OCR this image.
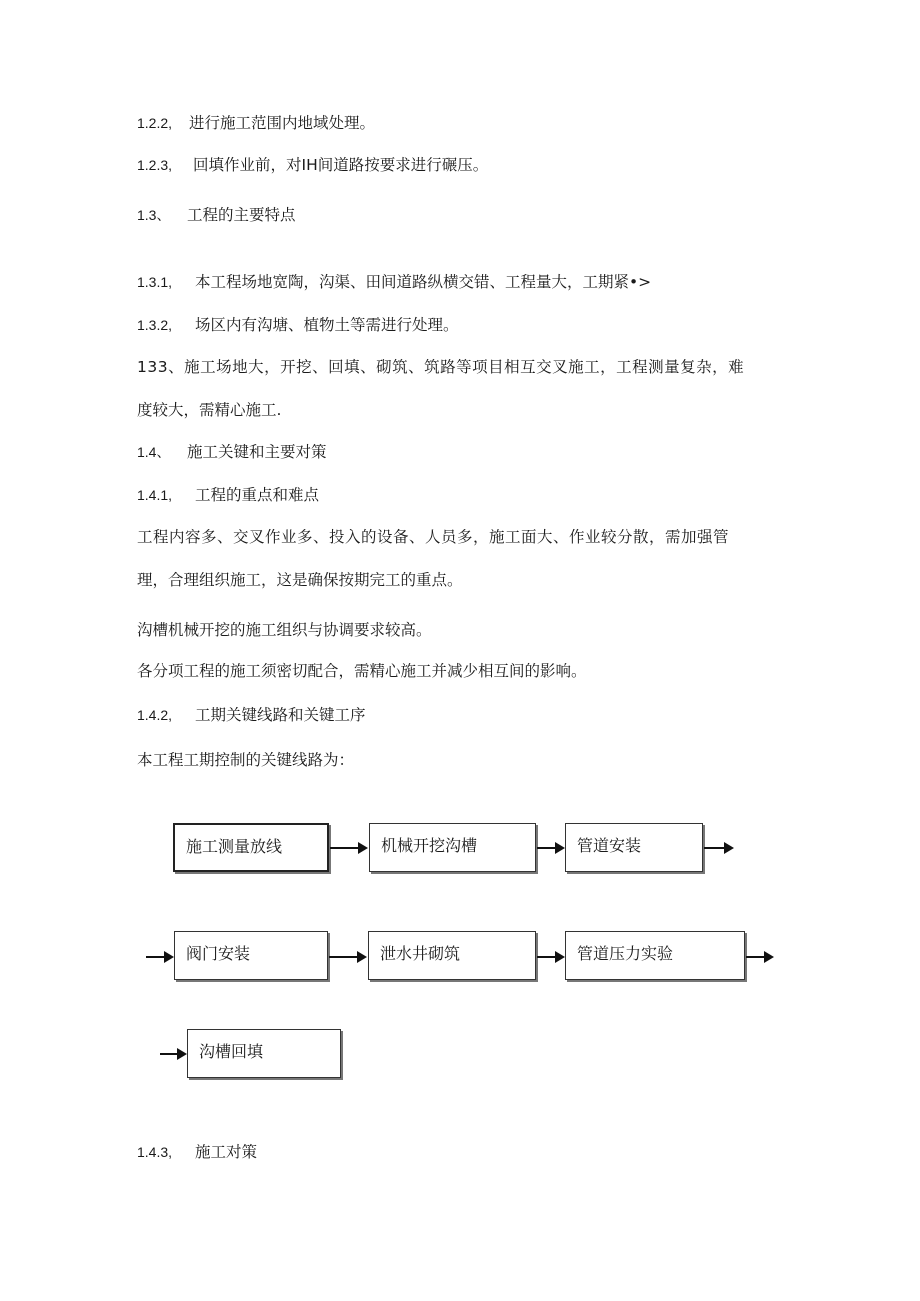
1.2.2, 进行施工范围内地域处理。
1.2.3, 回填作业前，对IH间道路按要求进行碾压。
1.3、 工程的主要特点
1.3.1, 本工程场地宽陶，沟渠、田间道路纵横交错、工程量大，工期紧•>
1.3.2, 场区内有沟塘、植物土等需进行处理。
133、施工场地大，开挖、回填、砌筑、筑路等项目相互交叉施工，工程测量复杂，难
度较大，需精心施工.
1.4、 施工关键和主要对策
1.4.1, 工程的重点和难点
工程内容多、交叉作业多、投入的设备、人员多，施工面大、作业较分散，需加强管
理，合理组织施工，这是确保按期完工的重点。
沟槽机械开挖的施工组织与协调要求较高。
各分项工程的施工须密切配合，需精心施工并减少相互间的影响。
1.4.2, 工期关键线路和关键工序
本工程工期控制的关键线路为：
施工测量放线	机械开挖沟槽	管道安装
阀门安装	泄水井砌筑	管道压力实验
沟槽回填
1.4.3, 施工对策
